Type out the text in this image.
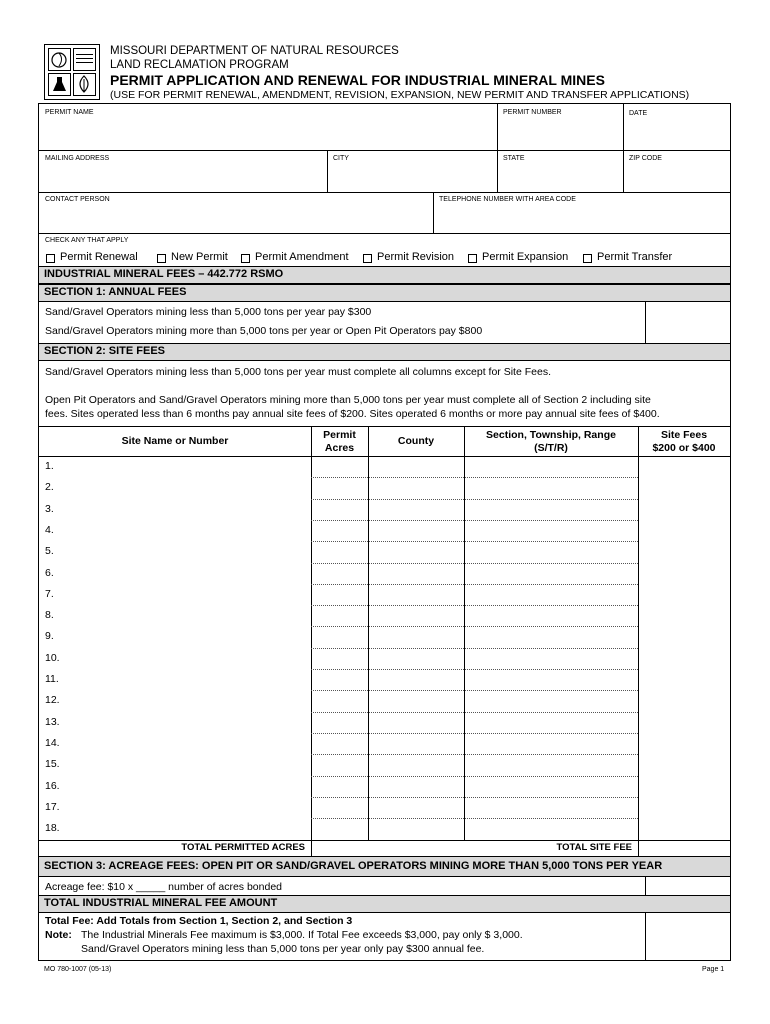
MISSOURI DEPARTMENT OF NATURAL RESOURCES
LAND RECLAMATION PROGRAM
PERMIT APPLICATION AND RENEWAL FOR INDUSTRIAL MINERAL MINES
(USE FOR PERMIT RENEWAL, AMENDMENT, REVISION, EXPANSION, NEW PERMIT AND TRANSFER APPLICATIONS)
PERMIT NAME	PERMIT NUMBER	DATE
MAILING ADDRESS	CITY	STATE	ZIP CODE
CONTACT PERSON	TELEPHONE NUMBER WITH AREA CODE
CHECK ANY THAT APPLY
Permit Renewal	New Permit Permit Amendment	Permit Revision	Permit Expansion	Permit Transfer
INDUSTRIAL MINERAL FEES – 442.772 RSMO
SECTION 1: ANNUAL FEES
Sand/Gravel Operators mining less than 5,000 tons per year pay $300
Sand/Gravel Operators mining more than 5,000 tons per year or Open Pit Operators pay $800
SECTION 2: SITE FEES
Sand/Gravel Operators mining less than 5,000 tons per year must complete all columns except for Site Fees.
Open Pit Operators and Sand/Gravel Operators mining more than 5,000 tons per year must complete all of Section 2 including site
fees. Sites operated less than 6 months pay annual site fees of $200. Sites operated 6 months or more pay annual site fees of $400.
Site Name or Number	Permit
Acres
County	Section, Township, Range
(S/T/R)
Site Fees
$200 or $400
1.
2.
3.
4.
5.
6.
7.
8.
9.
10.
11.
12.
13.
14.
15.
16.
17.
18.
TOTAL PERMITTED ACRES	TOTAL SITE FEE
SECTION 3: ACREAGE FEES: OPEN PIT OR SAND/GRAVEL OPERATORS MINING MORE THAN 5,000 TONS PER YEAR
Acreage fee: $10 x _____ number of acres bonded
TOTAL INDUSTRIAL MINERAL FEE AMOUNT
Total Fee: Add Totals from Section 1, Section 2, and Section 3
Note: The Industrial Minerals Fee maximum is $3,000. If Total Fee exceeds $3,000, pay only $ 3,000.
Sand/Gravel Operators mining less than 5,000 tons per year only pay $300 annual fee.
MO 780-1007 (05-13)	Page 1
